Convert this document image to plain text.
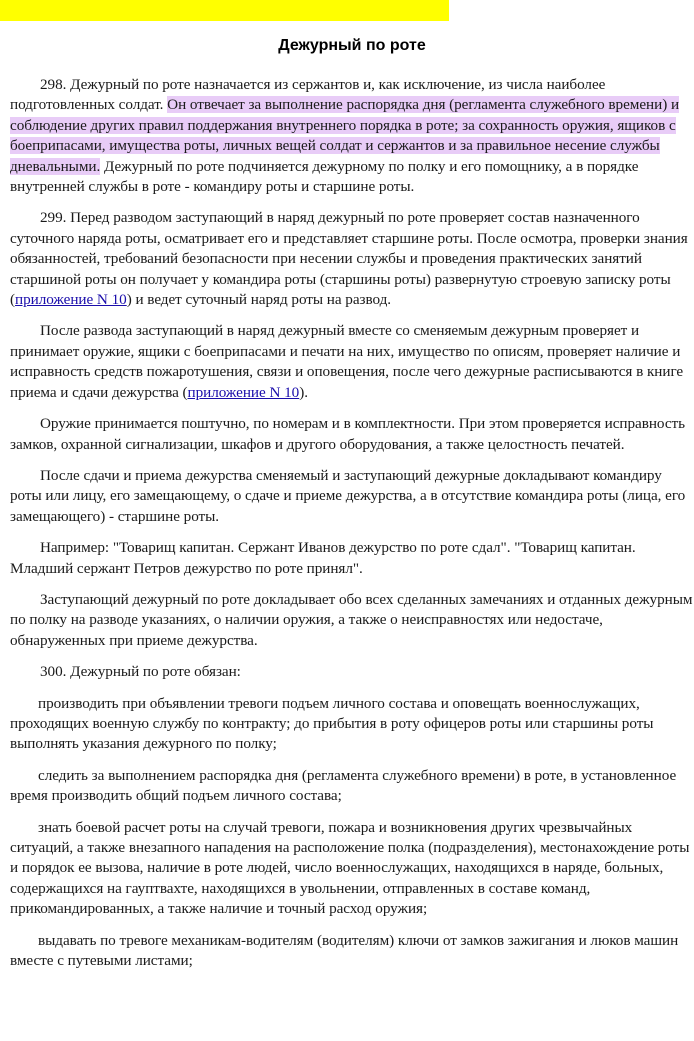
Дежурный по роте

298. Дежурный по роте назначается из сержантов и, как исключение, из числа наиболее подготовленных солдат. Он отвечает за выполнение распорядка дня (регламента служебного времени) и соблюдение других правил поддержания внутреннего порядка в роте; за сохранность оружия, ящиков с боеприпасами, имущества роты, личных вещей солдат и сержантов и за правильное несение службы дневальными. Дежурный по роте подчиняется дежурному по полку и его помощнику, а в порядке внутренней службы в роте - командиру роты и старшине роты.

299. Перед разводом заступающий в наряд дежурный по роте проверяет состав назначенного суточного наряда роты, осматривает его и представляет старшине роты. После осмотра, проверки знания обязанностей, требований безопасности при несении службы и проведения практических занятий старшиной роты он получает у командира роты (старшины роты) развернутую строевую записку роты (приложение N 10) и ведет суточный наряд роты на развод.

После развода заступающий в наряд дежурный вместе со сменяемым дежурным проверяет и принимает оружие, ящики с боеприпасами и печати на них, имущество по описям, проверяет наличие и исправность средств пожаротушения, связи и оповещения, после чего дежурные расписываются в книге приема и сдачи дежурства (приложение N 10).

Оружие принимается поштучно, по номерам и в комплектности. При этом проверяется исправность замков, охранной сигнализации, шкафов и другого оборудования, а также целостность печатей.

После сдачи и приема дежурства сменяемый и заступающий дежурные докладывают командиру роты или лицу, его замещающему, о сдаче и приеме дежурства, а в отсутствие командира роты (лица, его замещающего) - старшине роты.

Например: "Товарищ капитан. Сержант Иванов дежурство по роте сдал". "Товарищ капитан. Младший сержант Петров дежурство по роте принял".

Заступающий дежурный по роте докладывает обо всех сделанных замечаниях и отданных дежурным по полку на разводе указаниях, о наличии оружия, а также о неисправностях или недостаче, обнаруженных при приеме дежурства.

300. Дежурный по роте обязан:

производить при объявлении тревоги подъем личного состава и оповещать военнослужащих, проходящих военную службу по контракту; до прибытия в роту офицеров роты или старшины роты выполнять указания дежурного по полку;

следить за выполнением распорядка дня (регламента служебного времени) в роте, в установленное время производить общий подъем личного состава;

знать боевой расчет роты на случай тревоги, пожара и возникновения других чрезвычайных ситуаций, а также внезапного нападения на расположение полка (подразделения), местонахождение роты и порядок ее вызова, наличие в роте людей, число военнослужащих, находящихся в наряде, больных, содержащихся на гауптвахте, находящихся в увольнении, отправленных в составе команд, прикомандированных, а также наличие и точный расход оружия;

выдавать по тревоге механикам-водителям (водителям) ключи от замков зажигания и люков машин вместе с путевыми листами;
